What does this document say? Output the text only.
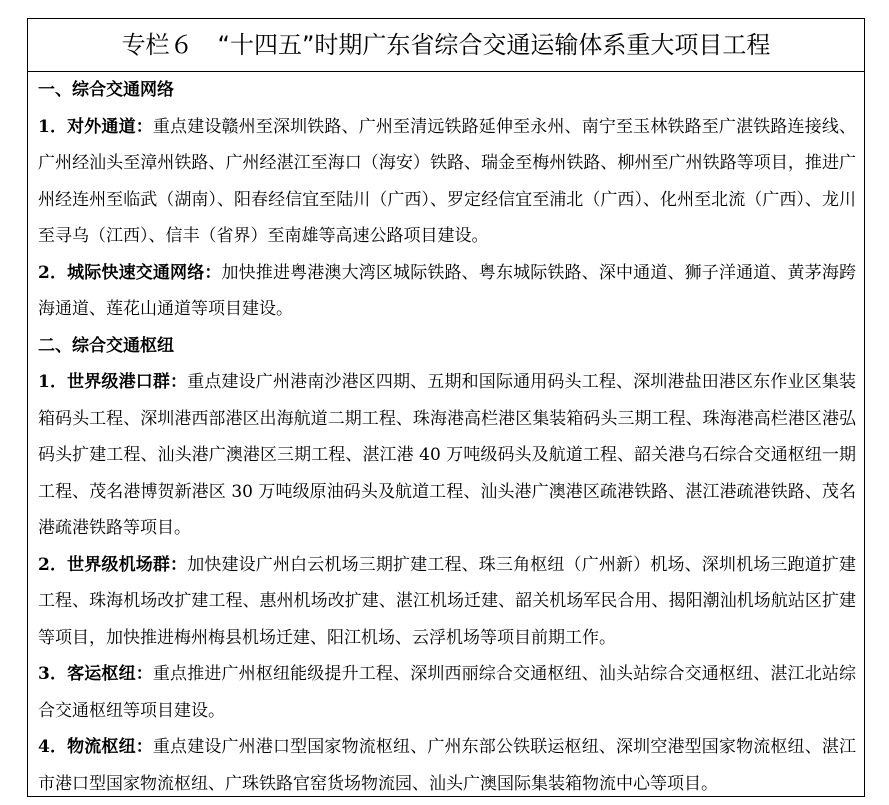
专栏６　“十四五”时期广东省综合交通运输体系重大项目工程
一、综合交通网络

1．对外通道：重点建设赣州至深圳铁路、广州至清远铁路延伸至永州、南宁至玉林铁路至广湛铁路连接线、广州经汕头至漳州铁路、广州经湛江至海口（海安）铁路、瑞金至梅州铁路、柳州至广州铁路等项目，推进广州经连州至临武（湖南）、阳春经信宜至陆川（广西）、罗定经信宜至浦北（广西）、化州至北流（广西）、龙川至寻乌（江西）、信丰（省界）至南雄等高速公路项目建设。

2．城际快速交通网络：加快推进粤港澳大湾区城际铁路、粤东城际铁路、深中通道、狮子洋通道、黄茅海跨海通道、莲花山通道等项目建设。

二、综合交通枢纽

1．世界级港口群：重点建设广州港南沙港区四期、五期和国际通用码头工程、深圳港盐田港区东作业区集装箱码头工程、深圳港西部港区出海航道二期工程、珠海港高栏港区集装箱码头三期工程、珠海港高栏港区港弘码头扩建工程、汕头港广澳港区三期工程、湛江港 40 万吨级码头及航道工程、韶关港乌石综合交通枢纽一期工程、茂名港博贺新港区 30 万吨级原油码头及航道工程、汕头港广澳港区疏港铁路、湛江港疏港铁路、茂名港疏港铁路等项目。

2．世界级机场群：加快建设广州白云机场三期扩建工程、珠三角枢纽（广州新）机场、深圳机场三跑道扩建工程、珠海机场改扩建工程、惠州机场改扩建、湛江机场迁建、韶关机场军民合用、揭阳潮汕机场航站区扩建等项目，加快推进梅州梅县机场迁建、阳江机场、云浮机场等项目前期工作。

3．客运枢纽：重点推进广州枢纽能级提升工程、深圳西丽综合交通枢纽、汕头站综合交通枢纽、湛江北站综合交通枢纽等项目建设。

4．物流枢纽：重点建设广州港口型国家物流枢纽、广州东部公铁联运枢纽、深圳空港型国家物流枢纽、湛江市港口型国家物流枢纽、广珠铁路官窑货场物流园、汕头广澳国际集装箱物流中心等项目。
